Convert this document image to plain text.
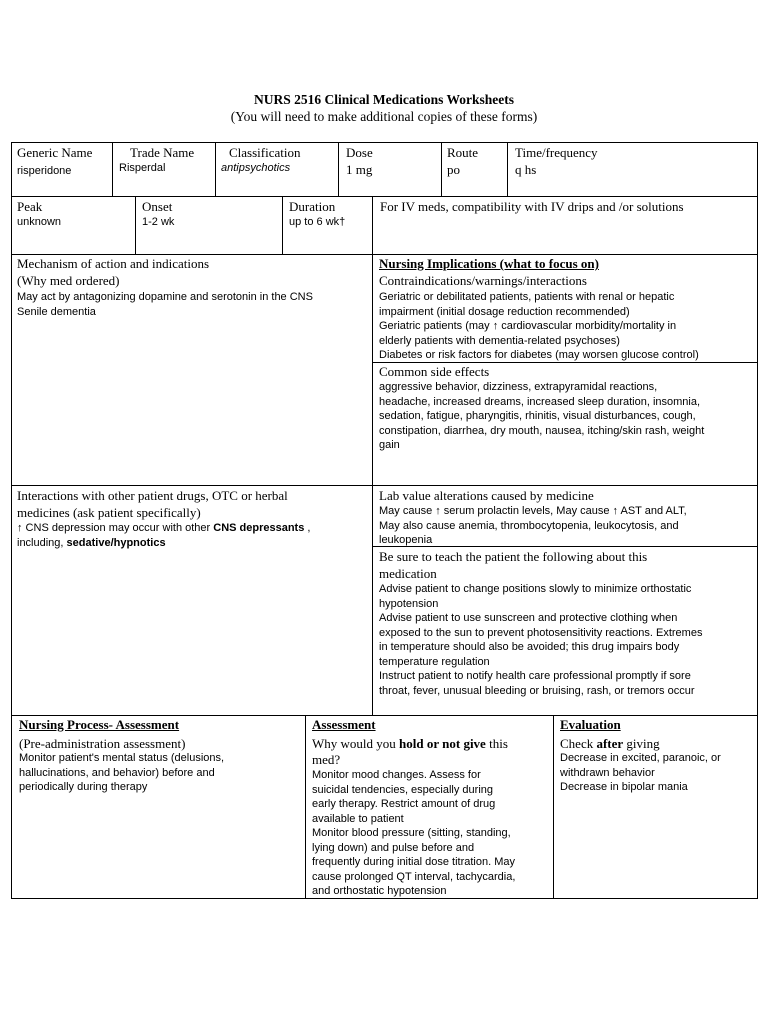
NURS 2516 Clinical Medications Worksheets
(You will need to make additional copies of these forms)
Generic Name
risperidone
Trade Name
Risperdal
Classification
antipsychotics
Dose
1 mg
Route
po
Time/frequency
q hs
Peak
unknown
Onset
1-2 wk
Duration
up to 6 wk†
For IV meds, compatibility with IV drips and /or solutions
Mechanism of action and indications
(Why med ordered)
May act by antagonizing dopamine and serotonin in the CNS
Senile dementia
Nursing Implications (what to focus on)
Contraindications/warnings/interactions
Geriatric or debilitated patients, patients with renal or hepatic
impairment (initial dosage reduction recommended)
Geriatric patients (may ↑ cardiovascular morbidity/mortality in
elderly patients with dementia-related psychoses)
Diabetes or risk factors for diabetes (may worsen glucose control)
Common side effects
aggressive behavior, dizziness, extrapyramidal reactions,
headache, increased dreams, increased sleep duration, insomnia,
sedation, fatigue, pharyngitis, rhinitis, visual disturbances, cough,
constipation, diarrhea, dry mouth, nausea, itching/skin rash, weight
gain
Interactions with other patient drugs, OTC or herbal
medicines (ask patient specifically)
↑ CNS depression may occur with other CNS depressants ,
including, sedative/hypnotics
Lab value alterations caused by medicine
May cause ↑ serum prolactin levels, May cause ↑ AST and ALT,
May also cause anemia, thrombocytopenia, leukocytosis, and
leukopenia
Be sure to teach the patient the following about this
medication
Advise patient to change positions slowly to minimize orthostatic
hypotension
Advise patient to use sunscreen and protective clothing when
exposed to the sun to prevent photosensitivity reactions. Extremes
in temperature should also be avoided; this drug impairs body
temperature regulation
Instruct patient to notify health care professional promptly if sore
throat, fever, unusual bleeding or bruising, rash, or tremors occur
Nursing Process- Assessment
(Pre-administration assessment)
Monitor patient's mental status (delusions,
hallucinations, and behavior) before and
periodically during therapy
Assessment
Why would you hold or not give this
med?
Monitor mood changes. Assess for
suicidal tendencies, especially during
early therapy. Restrict amount of drug
available to patient
Monitor blood pressure (sitting, standing,
lying down) and pulse before and
frequently during initial dose titration. May
cause prolonged QT interval, tachycardia,
and orthostatic hypotension
Evaluation
Check after giving
Decrease in excited, paranoic, or
withdrawn behavior
Decrease in bipolar mania
